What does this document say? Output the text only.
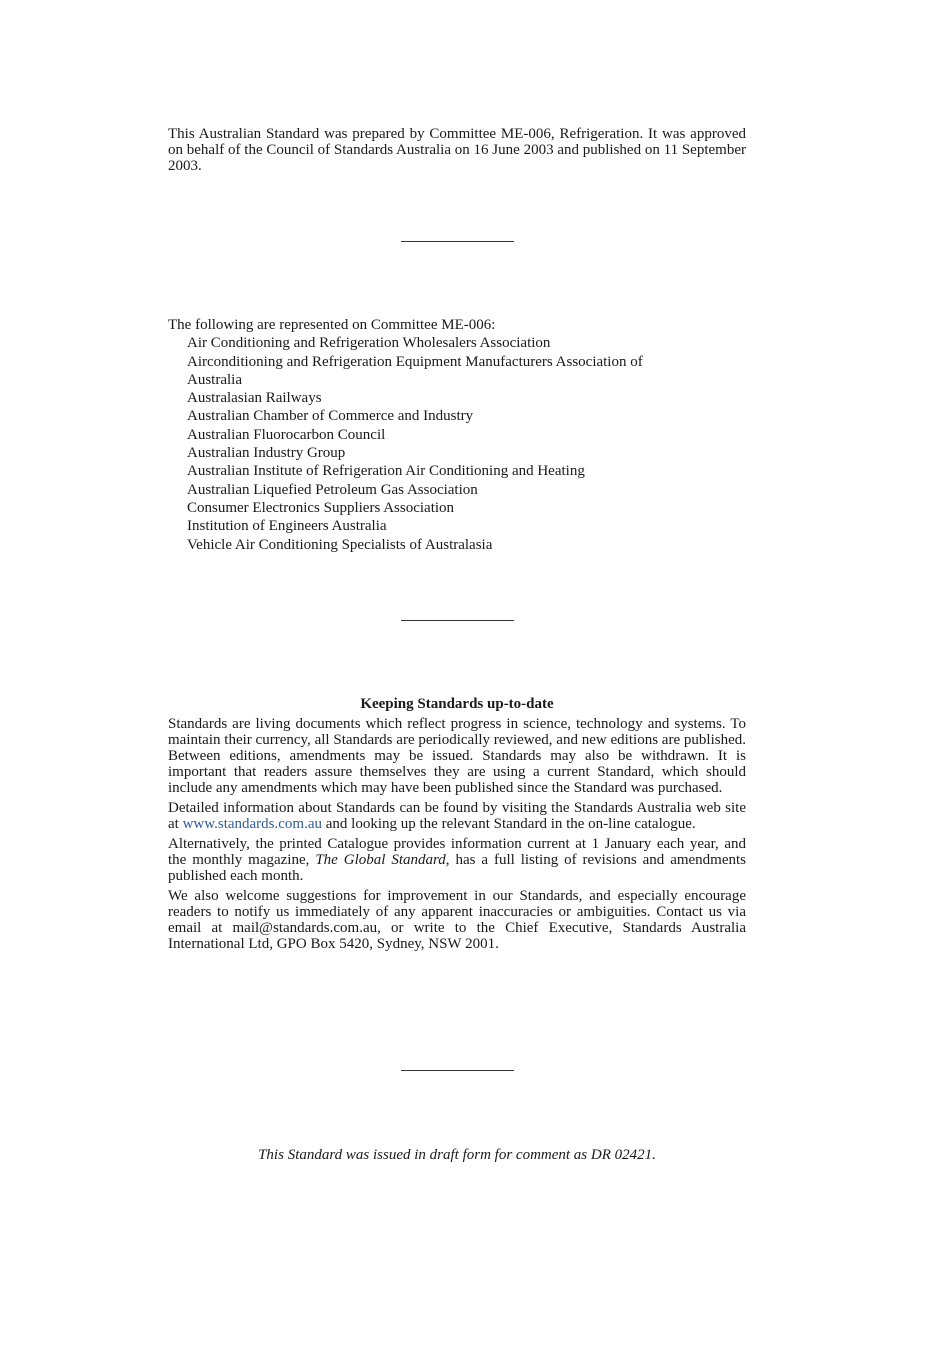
This Australian Standard was prepared by Committee ME-006, Refrigeration. It was approved on behalf of the Council of Standards Australia on 16 June 2003 and published on 11 September 2003.
The following are represented on Committee ME-006:
Air Conditioning and Refrigeration Wholesalers Association
Airconditioning and Refrigeration Equipment Manufacturers Association of
Australia
Australasian Railways
Australian Chamber of Commerce and Industry
Australian Fluorocarbon Council
Australian Industry Group
Australian Institute of Refrigeration Air Conditioning and Heating
Australian Liquefied Petroleum Gas Association
Consumer Electronics Suppliers Association
Institution of Engineers Australia
Vehicle Air Conditioning Specialists of Australasia
Keeping Standards up-to-date

Standards are living documents which reflect progress in science, technology and systems. To maintain their currency, all Standards are periodically reviewed, and new editions are published. Between editions, amendments may be issued. Standards may also be withdrawn. It is important that readers assure themselves they are using a current Standard, which should include any amendments which may have been published since the Standard was purchased.

Detailed information about Standards can be found by visiting the Standards Australia web site at www.standards.com.au and looking up the relevant Standard in the on-line catalogue.

Alternatively, the printed Catalogue provides information current at 1 January each year, and the monthly magazine, The Global Standard, has a full listing of revisions and amendments published each month.

We also welcome suggestions for improvement in our Standards, and especially encourage readers to notify us immediately of any apparent inaccuracies or ambiguities. Contact us via email at mail@standards.com.au, or write to the Chief Executive, Standards Australia International Ltd, GPO Box 5420, Sydney, NSW 2001.

This Standard was issued in draft form for comment as DR 02421.
